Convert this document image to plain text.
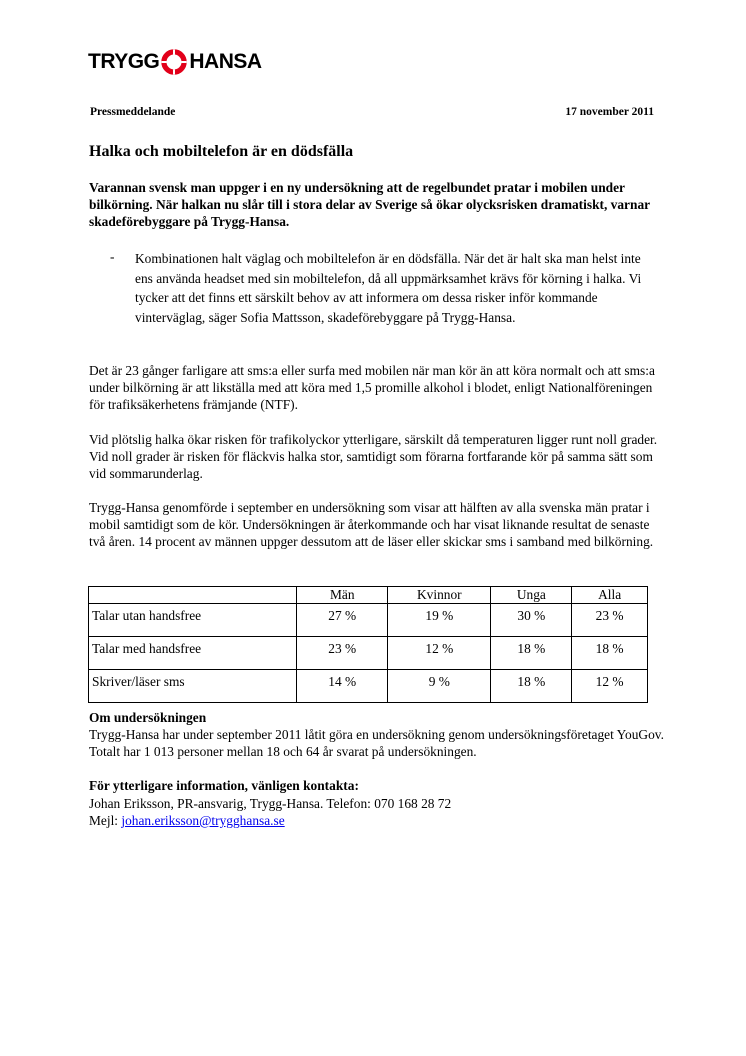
TRYGG HANSA
Pressmeddelande	17 november 2011
Halka och mobiltelefon är en dödsfälla
Varannan svensk man uppger i en ny undersökning att de regelbundet pratar i mobilen under bilkörning. När halkan nu slår till i stora delar av Sverige så ökar olycksrisken dramatiskt, varnar skadeförebyggare på Trygg-Hansa.
- Kombinationen halt väglag och mobiltelefon är en dödsfälla. När det är halt ska man helst inte ens använda headset med sin mobiltelefon, då all uppmärksamhet krävs för körning i halka. Vi tycker att det finns ett särskilt behov av att informera om dessa risker inför kommande vinterväglag, säger Sofia Mattsson, skadeförebyggare på Trygg-Hansa.
Det är 23 gånger farligare att sms:a eller surfa med mobilen när man kör än att köra normalt och att sms:a under bilkörning är att likställa med att köra med 1,5 promille alkohol i blodet, enligt Nationalföreningen för trafiksäkerhetens främjande (NTF).
Vid plötslig halka ökar risken för trafikolyckor ytterligare, särskilt då temperaturen ligger runt noll grader. Vid noll grader är risken för fläckvis halka stor, samtidigt som förarna fortfarande kör på samma sätt som vid sommarunderlag.
Trygg-Hansa genomförde i september en undersökning som visar att hälften av alla svenska män pratar i mobil samtidigt som de kör. Undersökningen är återkommande och har visat liknande resultat de senaste två åren. 14 procent av männen uppger dessutom att de läser eller skickar sms i samband med bilkörning.
	Män	Kvinnor	Unga	Alla
Talar utan handsfree	27 %	19 %	30 %	23 %
Talar med handsfree	23 %	12 %	18 %	18 %
Skriver/läser sms	14 %	9 %	18 %	12 %
Om undersökningen
Trygg-Hansa har under september 2011 låtit göra en undersökning genom undersökningsföretaget YouGov. Totalt har 1 013 personer mellan 18 och 64 år svarat på undersökningen.
För ytterligare information, vänligen kontakta:
Johan Eriksson, PR-ansvarig, Trygg-Hansa. Telefon: 070 168 28 72
Mejl: johan.eriksson@trygghansa.se
